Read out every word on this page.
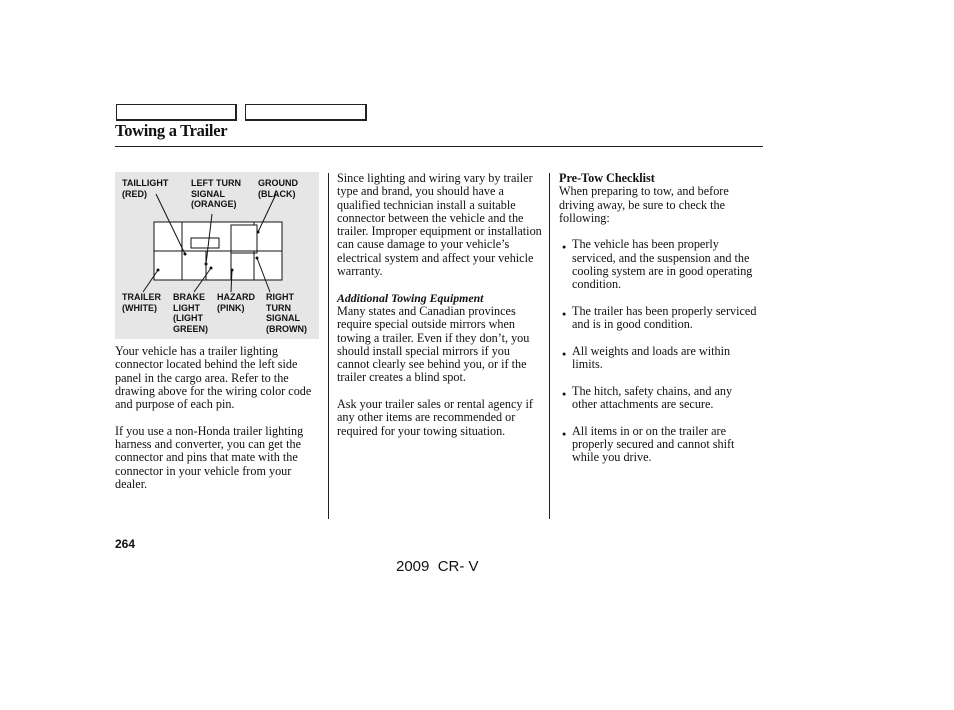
Towing a Trailer
TAILLIGHT
(RED)
LEFT TURN
SIGNAL
(ORANGE)
GROUND
(BLACK)
TRAILER
(WHITE)
BRAKE
LIGHT
(LIGHT
GREEN)
HAZARD
(PINK)
RIGHT
TURN
SIGNAL
(BROWN)

Your vehicle has a trailer lighting connector located behind the left side panel in the cargo area. Refer to the drawing above for the wiring color code and purpose of each pin.

If you use a non-Honda trailer lighting harness and converter, you can get the connector and pins that mate with the connector in your vehicle from your dealer.

Since lighting and wiring vary by trailer type and brand, you should have a qualified technician install a suitable connector between the vehicle and the trailer. Improper equipment or installation can cause damage to your vehicle’s electrical system and affect your vehicle warranty.

Additional Towing Equipment

Many states and Canadian provinces require special outside mirrors when towing a trailer. Even if they don’t, you should install special mirrors if you cannot clearly see behind you, or if the trailer creates a blind spot.

Ask your trailer sales or rental agency if any other items are recommended or required for your towing situation.

Pre-Tow Checklist

When preparing to tow, and before driving away, be sure to check the following:

● The vehicle has been properly serviced, and the suspension and the cooling system are in good operating condition.
● The trailer has been properly serviced and is in good condition.
● All weights and loads are within limits.
● The hitch, safety chains, and any other attachments are secure.
● All items in or on the trailer are properly secured and cannot shift while you drive.
264
2009  CR- V
